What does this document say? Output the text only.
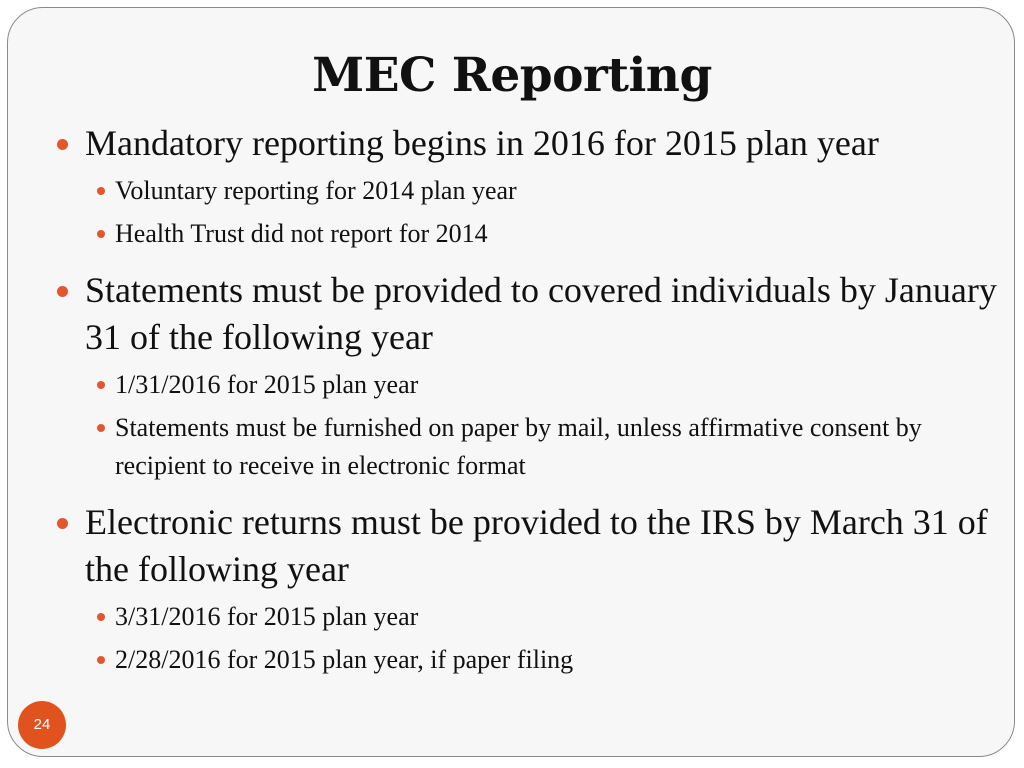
MEC Reporting
Mandatory reporting begins in 2016 for 2015 plan year
Voluntary reporting for 2014 plan year
Health Trust did not report for 2014
Statements must be provided to covered individuals by January 31 of the following year
1/31/2016 for 2015 plan year
Statements must be furnished on paper by mail, unless affirmative consent by recipient to receive in electronic format
Electronic returns must be provided to the IRS by March 31 of the following year
3/31/2016 for 2015 plan year
2/28/2016 for 2015 plan year, if paper filing
24
